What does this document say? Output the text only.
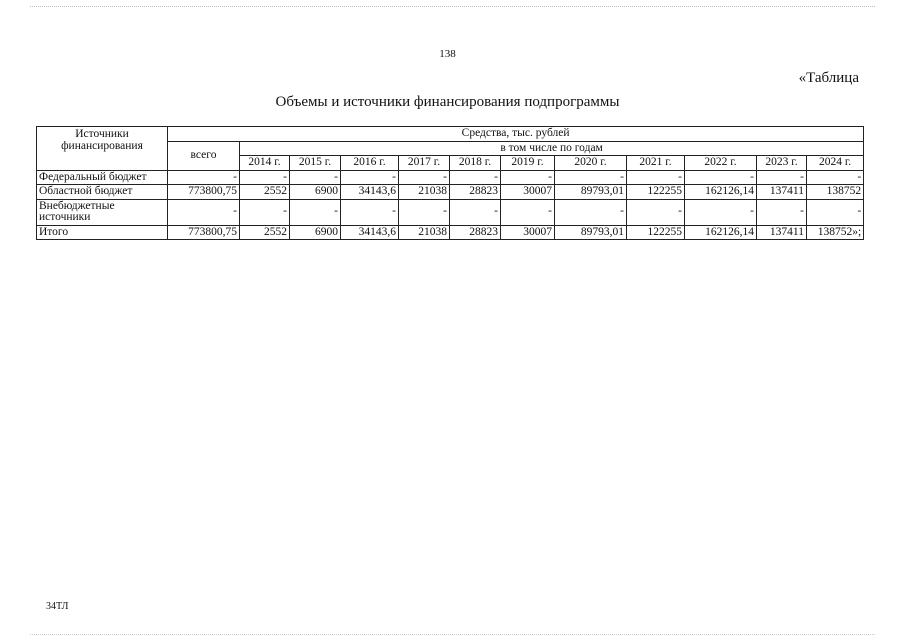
138
«Таблица
Объемы и источники финансирования подпрограммы
Источники финансирования	Средства, тыс. рублей											
	всего	в том числе по годам										
		2014 г.	2015 г.	2016 г.	2017 г.	2018 г.	2019 г.	2020 г.	2021 г.	2022 г.	2023 г.	2024 г.
Федеральный бюджет	-	-	-	-	-	-	-	-	-	-	-	-
Областной бюджет	773800,75	2552	6900	34143,6	21038	28823	30007	89793,01	122255	162126,14	137411	138752
Внебюджетные источники	-	-	-	-	-	-	-	-	-	-	-	-
Итого	773800,75	2552	6900	34143,6	21038	28823	30007	89793,01	122255	162126,14	137411	138752»;
34ТЛ
